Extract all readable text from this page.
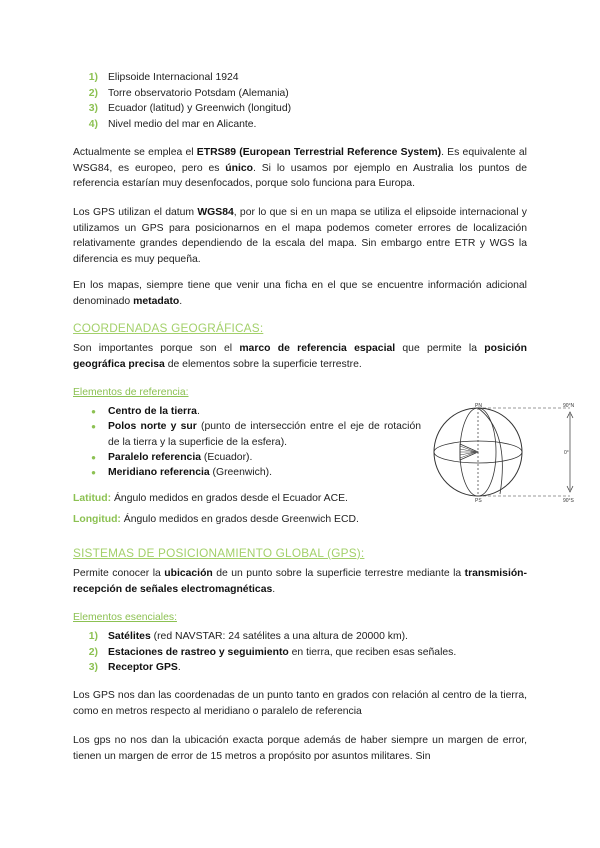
1) Elipsoide Internacional 1924
2) Torre observatorio Potsdam (Alemania)
3) Ecuador (latitud) y Greenwich (longitud)
4) Nivel medio del mar en Alicante.
Actualmente se emplea el ETRS89 (European Terrestrial Reference System). Es equivalente al WSG84, es europeo, pero es único. Si lo usamos por ejemplo en Australia los puntos de referencia estarían muy desenfocados, porque solo funciona para Europa.
Los GPS utilizan el datum WGS84, por lo que si en un mapa se utiliza el elipsoide internacional y utilizamos un GPS para posicionarnos en el mapa podemos cometer errores de localización relativamente grandes dependiendo de la escala del mapa. Sin embargo entre ETR y WGS la diferencia es muy pequeña.
En los mapas, siempre tiene que venir una ficha en el que se encuentre información adicional denominado metadato.
COORDENADAS GEOGRÁFICAS:
Son importantes porque son el marco de referencia espacial que permite la posición geográfica precisa de elementos sobre la superficie terrestre.
Elementos de referencia:
●	Centro de la tierra.
●	Polos norte y sur (punto de intersección entre el eje de rotación de la tierra y la superficie de la esfera).
●	Paralelo referencia (Ecuador).
●	Meridiano referencia (Greenwich).
PN
PS
90°N
90°S
0°
Latitud: Ángulo medidos en grados desde el Ecuador ACE.
Longitud: Ángulo medidos en grados desde Greenwich ECD.
SISTEMAS DE POSICIONAMIENTO GLOBAL (GPS):
Permite conocer la ubicación de un punto sobre la superficie terrestre mediante la transmisión-recepción de señales electromagnéticas.
Elementos esenciales:
1) Satélites (red NAVSTAR: 24 satélites a una altura de 20000 km).
2) Estaciones de rastreo y seguimiento en tierra, que reciben esas señales.
3) Receptor GPS.
Los GPS nos dan las coordenadas de un punto tanto en grados con relación al centro de la tierra, como en metros respecto al meridiano o paralelo de referencia
Los gps no nos dan la ubicación exacta porque además de haber siempre un margen de error, tienen un margen de error de 15 metros a propósito por asuntos militares. Sin
